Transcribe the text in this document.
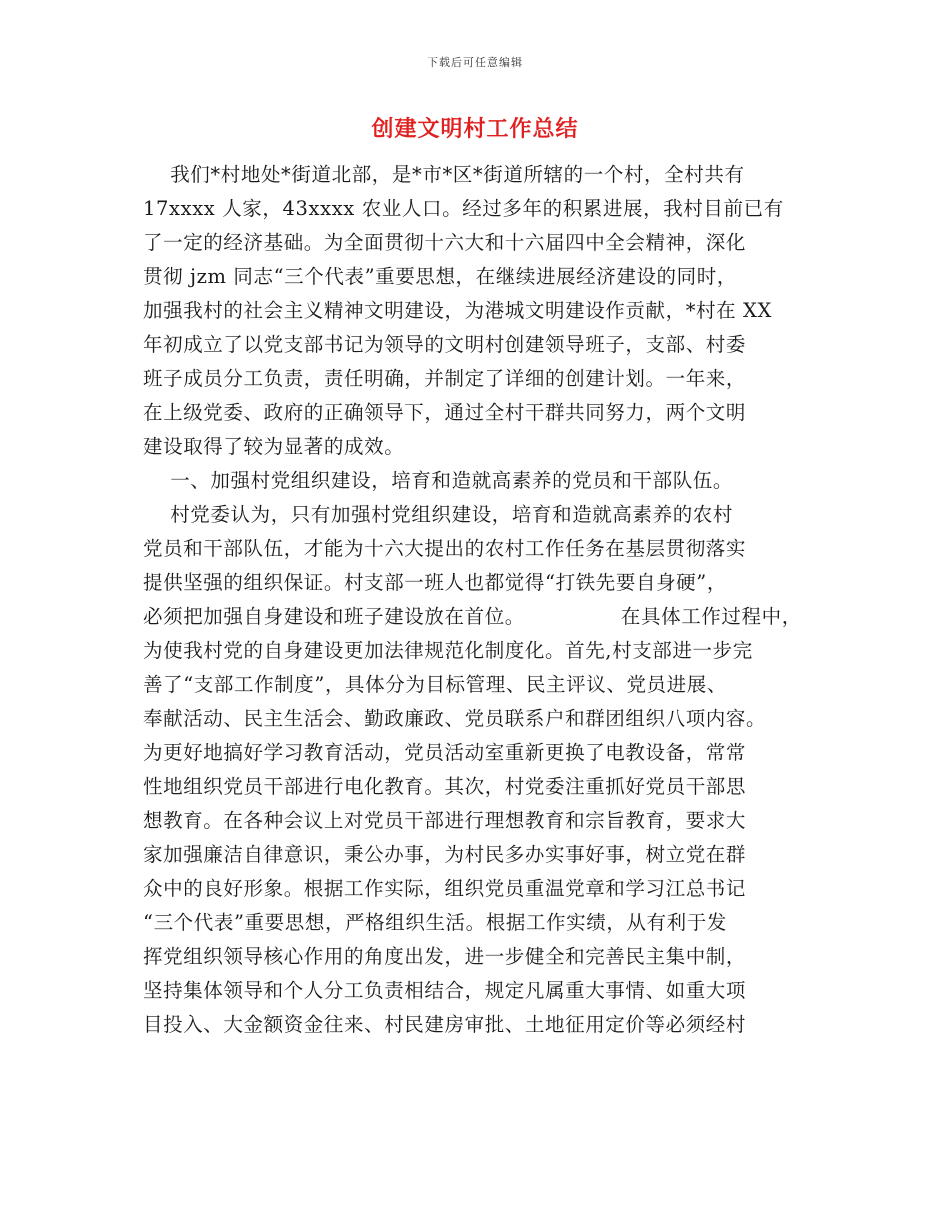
下载后可任意编辑
创建文明村工作总结
我们*村地处*街道北部，是*市*区*街道所辖的一个村，全村共有
17xxxx 人家，43xxxx 农业人口。经过多年的积累进展，我村目前已有
了一定的经济基础。为全面贯彻十六大和十六届四中全会精神，深化
贯彻 jzm 同志“三个代表”重要思想，在继续进展经济建设的同时，
加强我村的社会主义精神文明建设，为港城文明建设作贡献，*村在 XX
年初成立了以党支部书记为领导的文明村创建领导班子，支部、村委
班子成员分工负责，责任明确，并制定了详细的创建计划。一年来，
在上级党委、政府的正确领导下，通过全村干群共同努力，两个文明
建设取得了较为显著的成效。
一、加强村党组织建设，培育和造就高素养的党员和干部队伍。
村党委认为，只有加强村党组织建设，培育和造就高素养的农村
党员和干部队伍，才能为十六大提出的农村工作任务在基层贯彻落实
提供坚强的组织保证。村支部一班人也都觉得“打铁先要自身硬”，
必须把加强自身建设和班子建设放在首位。	在具体工作过程中，
为使我村党的自身建设更加法律规范化制度化。首先,村支部进一步完
善了“支部工作制度”，具体分为目标管理、民主评议、党员进展、
奉献活动、民主生活会、勤政廉政、党员联系户和群团组织八项内容。
为更好地搞好学习教育活动，党员活动室重新更换了电教设备，常常
性地组织党员干部进行电化教育。其次，村党委注重抓好党员干部思
想教育。在各种会议上对党员干部进行理想教育和宗旨教育，要求大
家加强廉洁自律意识，秉公办事，为村民多办实事好事，树立党在群
众中的良好形象。根据工作实际，组织党员重温党章和学习江总书记
“三个代表”重要思想，严格组织生活。根据工作实绩，从有利于发
挥党组织领导核心作用的角度出发，进一步健全和完善民主集中制，
坚持集体领导和个人分工负责相结合，规定凡属重大事情、如重大项
目投入、大金额资金往来、村民建房审批、土地征用定价等必须经村
